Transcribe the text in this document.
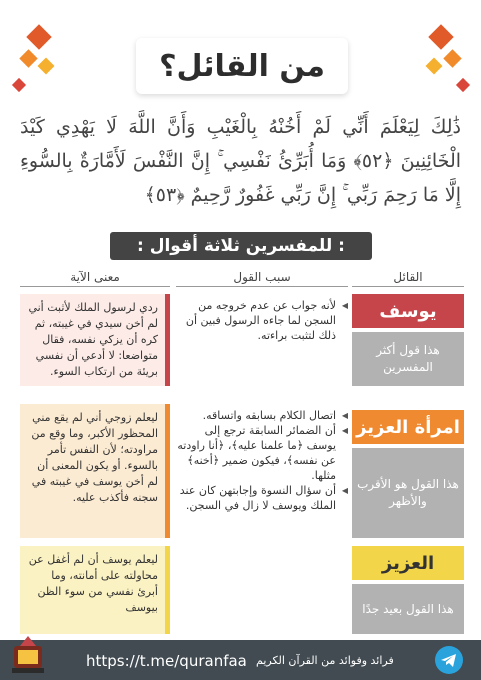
من القائل؟
ذَٰلِكَ لِيَعْلَمَ أَنِّي لَمْ أَخُنْهُ بِالْغَيْبِ وَأَنَّ اللَّهَ لَا يَهْدِي كَيْدَ الْخَائِنِينَ ﴿٥٢﴾ وَمَا أُبَرِّئُ نَفْسِي ۚ إِنَّ النَّفْسَ لَأَمَّارَةٌ بِالسُّوءِ إِلَّا مَا رَحِمَ رَبِّي ۚ إِنَّ رَبِّي غَفُورٌ رَّحِيمٌ ﴿٥٣﴾
: للمفسرين ثلاثة أقوال :
القائل
سبب القول
معنى الآية
يوسف
هذا قول أكثر المفسرين
◀ لأنه جواب عن عدم خروجه من السجن لما جاءه الرسول فبين أن ذلك لتثبت براءته.
ردي لرسول الملك لأثبت أني لم أخن سيدي في غيبته، ثم كره أن يزكي نفسه، فقال متواضعا: لا أدعي أن نفسي بريئة من ارتكاب السوء.
امرأة العزيز
هذا القول هو الأقرب والأظهر
◀ اتصال الكلام بسابقه واتساقه.
◀ أن الضمائر السابقة ترجع إلى يوسف ﴿ما علمنا عليه﴾، ﴿أنا راودته عن نفسه﴾، فيكون ضمير ﴿أخنه﴾ مثلها.
◀ أن سؤال النسوة وإجابتهن كان عند الملك ويوسف لا زال في السجن.
ليعلم زوجي أني لم يقع مني المحظور الأكبر، وما وقع من مراودته؛ لأن النفس تأمر بالسوء. أو يكون المعنى أن لم أخن يوسف في غيبته في سجنه فأكذب عليه.
العزيز
هذا القول بعيد جدًا
ليعلم يوسف أن لم أغفل عن محاولته على أمانته، وما أبرئ نفسي من سوء الظن بيوسف
https://t.me/quranfaa فرائد وفوائد من القرآن الكريم
